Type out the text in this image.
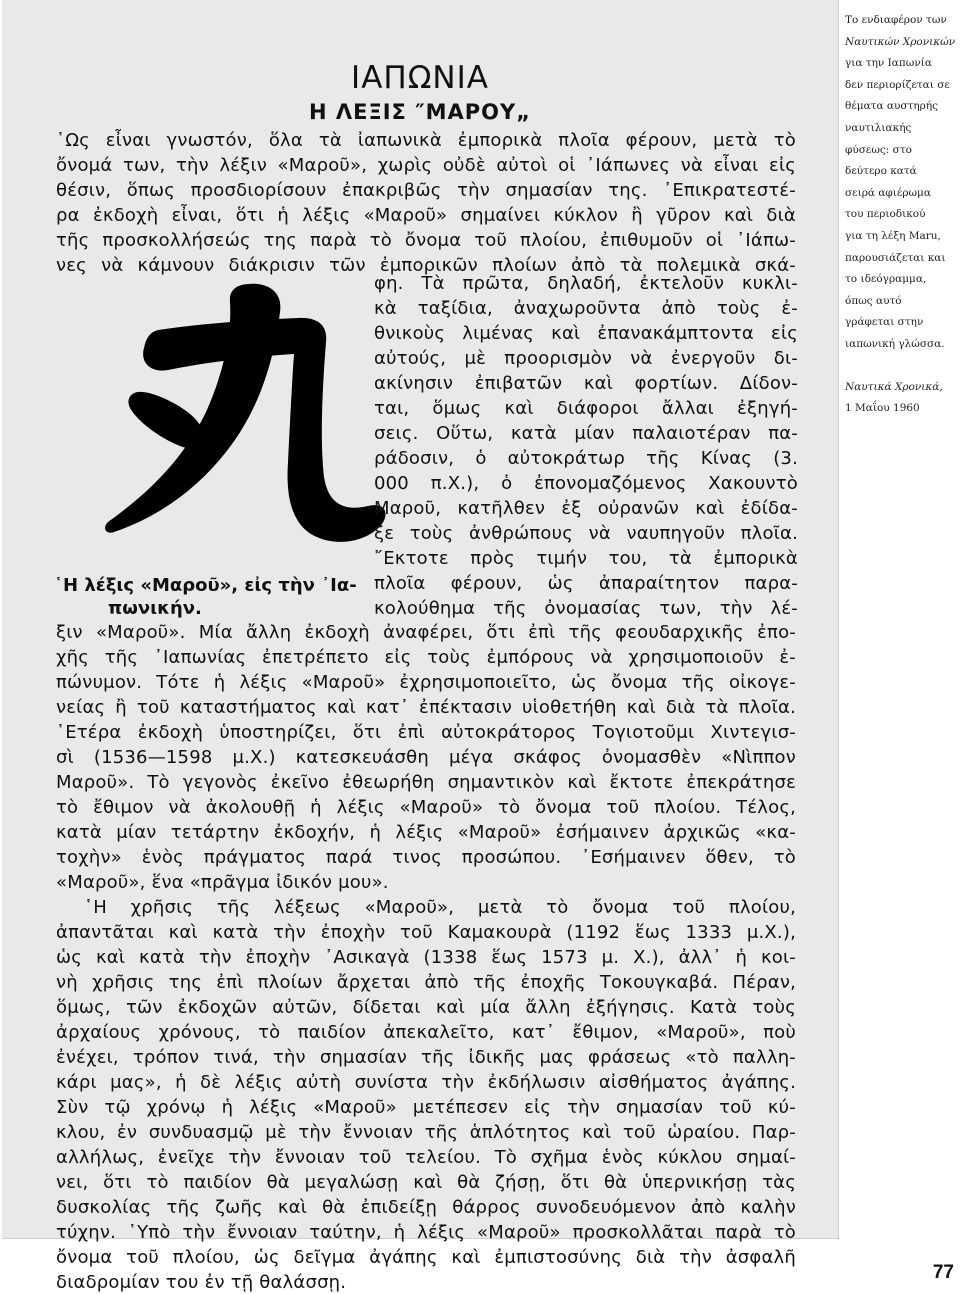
ΙΑΠΩΝΙΑ
Η ΛΕΞΙΣ ″ΜΑΡΟΥ„
῾Ως εἶναι γνωστόν, ὅλα τὰ ἰαπωνικὰ ἐμπορικὰ πλοῖα φέρουν, μετὰ τὸ
ὄνομά των, τὴν λέξιν «Μαροῦ», χωρὶς οὐδὲ αὐτοὶ οἱ ᾿Ιάπωνες νὰ εἶναι εἰς
θέσιν, ὅπως προσδιορίσουν ἐπακριβῶς τὴν σημασίαν της. ᾿Επικρατεστέ-
ρα ἐκδοχὴ εἶναι, ὅτι ἡ λέξις «Μαροῦ» σημαίνει κύκλον ἢ γῦρον καὶ διὰ
τῆς προσκολλήσεώς της παρὰ τὸ ὄνομα τοῦ πλοίου, ἐπιθυμοῦν οἱ ᾿Ιάπω-
νες νὰ κάμνουν διάκρισιν τῶν ἐμπορικῶν πλοίων ἀπὸ τὰ πολεμικὰ σκά-
φη. Τὰ πρῶτα, δηλαδή, ἐκτελοῦν κυκλι-
κὰ ταξίδια, ἀναχωροῦντα ἀπὸ τοὺς ἐ-
θνικοὺς λιμένας καὶ ἐπανακάμπτοντα εἰς
αὐτούς, μὲ προορισμὸν νὰ ἐνεργοῦν δι-
ακίνησιν ἐπιβατῶν καὶ φορτίων. Δίδον-
ται, ὅμως καὶ διάφοροι ἄλλαι ἐξηγή-
σεις. Οὕτω, κατὰ μίαν παλαιοτέραν πα-
ράδοσιν, ὁ αὐτοκράτωρ τῆς Κίνας (3.
000 π.Χ.), ὁ ἐπονομαζόμενος Χακουντὸ
Μαροῦ, κατῆλθεν ἐξ οὐρανῶν καὶ ἐδίδα-
ξε τοὺς ἀνθρώπους νὰ ναυπηγοῦν πλοῖα.
῎Εκτοτε πρὸς τιμήν του, τὰ ἐμπορικὰ
πλοῖα φέρουν, ὡς ἀπαραίτητον παρα-
κολούθημα τῆς ὀνομασίας των, τὴν λέ-
῾Η λέξις «Μαροῦ», εἰς τὴν ᾿Ια-
πωνικήν.
ξιν «Μαροῦ». Μία ἄλλη ἐκδοχὴ ἀναφέρει, ὅτι ἐπὶ τῆς φεουδαρχικῆς ἐπο-
χῆς τῆς ᾿Ιαπωνίας ἐπετρέπετο εἰς τοὺς ἐμπόρους νὰ χρησιμοποιοῦν ἐ-
πώνυμον. Τότε ἡ λέξις «Μαροῦ» ἐχρησιμοποιεῖτο, ὡς ὄνομα τῆς οἰκογε-
νείας ἢ τοῦ καταστήματος καὶ κατ᾿ ἐπέκτασιν υἱοθετήθη καὶ διὰ τὰ πλοῖα.
῾Ετέρα ἐκδοχὴ ὑποστηρίζει, ὅτι ἐπὶ αὐτοκράτορος Τογιοτοῦμι Χιντεγισ-
σὶ (1536—1598 μ.Χ.) κατεσκευάσθη μέγα σκάφος ὀνομασθὲν «Νὶππον
Μαροῦ». Τὸ γεγονὸς ἐκεῖνο ἐθεωρήθη σημαντικὸν καὶ ἔκτοτε ἐπεκράτησε
τὸ ἔθιμον νὰ ἀκολουθῇ ἡ λέξις «Μαροῦ» τὸ ὄνομα τοῦ πλοίου. Τέλος,
κατὰ μίαν τετάρτην ἐκδοχήν, ἡ λέξις «Μαροῦ» ἐσήμαινεν ἀρχικῶς «κα-
τοχὴν» ἑνὸς πράγματος παρά τινος προσώπου. ᾿Εσήμαινεν ὅθεν, τὸ
«Μαροῦ», ἕνα «πρᾶγμα ἰδικόν μου».
῾Η χρῆσις τῆς λέξεως «Μαροῦ», μετὰ τὸ ὄνομα τοῦ πλοίου,
ἀπαντᾶται καὶ κατὰ τὴν ἐποχὴν τοῦ Καμακουρὰ (1192 ἕως 1333 μ.Χ.),
ὡς καὶ κατὰ τὴν ἐποχὴν ᾿Ασικαγὰ (1338 ἕως 1573 μ. Χ.), ἀλλ᾿ ἡ κοι-
νὴ χρῆσις της ἐπὶ πλοίων ἄρχεται ἀπὸ τῆς ἐποχῆς Τοκουγκαβά. Πέραν,
ὅμως, τῶν ἐκδοχῶν αὐτῶν, δίδεται καὶ μία ἄλλη ἐξήγησις. Κατὰ τοὺς
ἀρχαίους χρόνους, τὸ παιδίον ἀπεκαλεῖτο, κατ᾿ ἔθιμον, «Μαροῦ», ποὺ
ἐνέχει, τρόπον τινά, τὴν σημασίαν τῆς ἰδικῆς μας φράσεως «τὸ παλλη-
κάρι μας», ἡ δὲ λέξις αὐτὴ συνίστα τὴν ἐκδήλωσιν αἰσθήματος ἀγάπης.
Σὺν τῷ χρόνῳ ἡ λέξις «Μαροῦ» μετέπεσεν εἰς τὴν σημασίαν τοῦ κύ-
κλου, ἐν συνδυασμῷ μὲ τὴν ἔννοιαν τῆς ἁπλότητος καὶ τοῦ ὡραίου. Παρ-
αλλήλως, ἐνεῖχε τὴν ἔννοιαν τοῦ τελείου. Τὸ σχῆμα ἑνὸς κύκλου σημαί-
νει, ὅτι τὸ παιδίον θὰ μεγαλώσῃ καὶ θὰ ζήσῃ, ὅτι θὰ ὑπερνικήσῃ τὰς
δυσκολίας τῆς ζωῆς καὶ θὰ ἐπιδείξῃ θάρρος συνοδευόμενον ἀπὸ καλὴν
τύχην. ῾Υπὸ τὴν ἔννοιαν ταύτην, ἡ λέξις «Μαροῦ» προσκολλᾶται παρὰ τὸ
ὄνομα τοῦ πλοίου, ὡς δεῖγμα ἀγάπης καὶ ἐμπιστοσύνης διὰ τὴν ἀσφαλῆ
διαδρομίαν του ἐν τῇ θαλάσσῃ.
Το ενδιαφέρον των
Ναυτικών Χρονικών
για την Ιαπωνία
δεν περιορίζεται σε
θέματα αυστηρής
ναυτιλιακής
φύσεως: στο
δεύτερο κατά
σειρά αφιέρωμα
του περιοδικού
για τη λέξη Maru,
παρουσιάζεται και
το ιδεόγραμμα,
όπως αυτό
γράφεται στην
ιαπωνική γλώσσα.
Ναυτικά Χρονικά,
1 Μαΐου 1960
77
